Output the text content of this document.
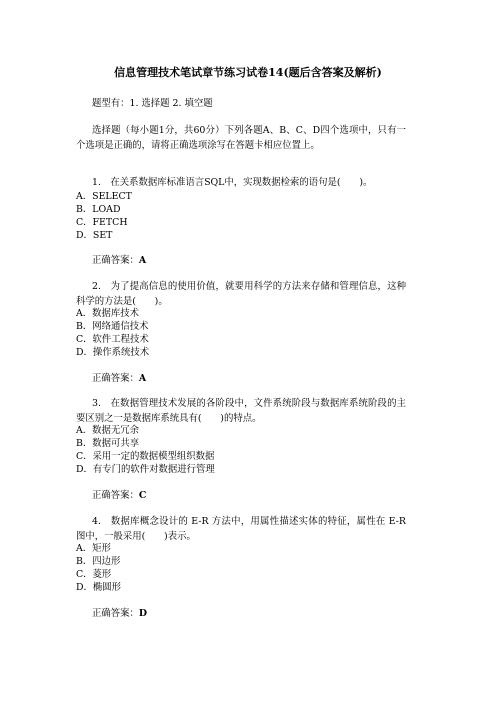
信息管理技术笔试章节练习试卷14(题后含答案及解析)
题型有：1. 选择题 2. 填空题
选择题（每小题1分，共60分）下列各题A、B、C、D四个选项中，只有一个选项是正确的，请将正确选项涂写在答题卡相应位置上。
1.　在关系数据库标准语言SQL中，实现数据检索的语句是(　　)。
A．SELECT
B．LOAD
C．FETCH
D．SET
正确答案：A
2.　为了提高信息的使用价值，就要用科学的方法来存储和管理信息，这种科学的方法是(　　)。
A．数据库技术
B．网络通信技术
C．软件工程技术
D．操作系统技术
正确答案：A
3.　在数据管理技术发展的各阶段中，文件系统阶段与数据库系统阶段的主要区别之一是数据库系统具有(　　)的特点。
A．数据无冗余
B．数据可共享
C．采用一定的数据模型组织数据
D．有专门的软件对数据进行管理
正确答案：C
4.　数据库概念设计的 E-R 方法中，用属性描述实体的特征，属性在 E-R 图中，一般采用(　　)表示。
A．矩形
B．四边形
C．菱形
D．椭圆形
正确答案：D
